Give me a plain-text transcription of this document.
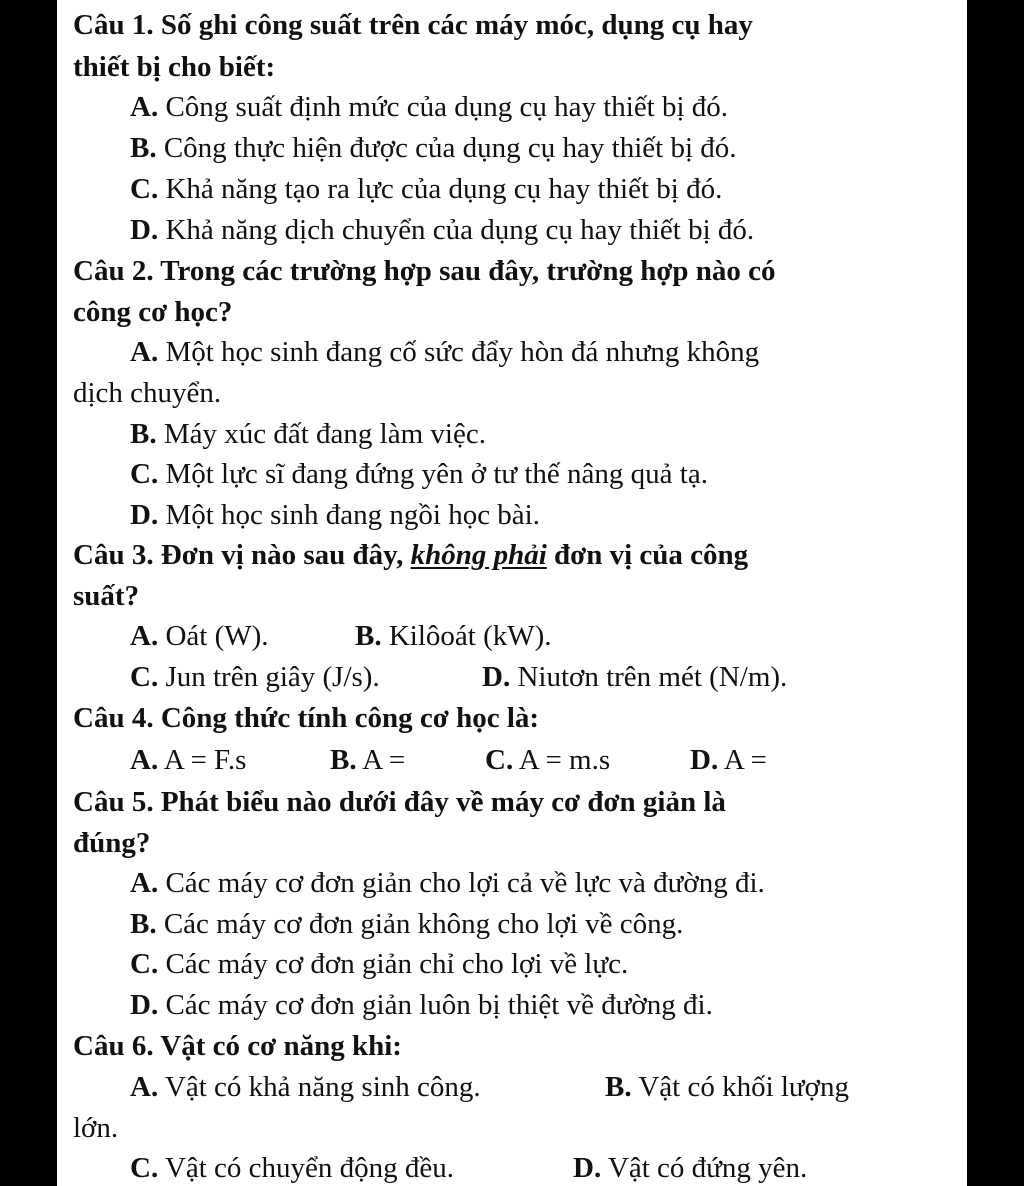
Câu 1. Số ghi công suất trên các máy móc, dụng cụ hay
thiết bị cho biết:
A. Công suất định mức của dụng cụ hay thiết bị đó.
B. Công thực hiện được của dụng cụ hay thiết bị đó.
C. Khả năng tạo ra lực của dụng cụ hay thiết bị đó.
D. Khả năng dịch chuyển của dụng cụ hay thiết bị đó.
Câu 2. Trong các trường hợp sau đây, trường hợp nào có
công cơ học?
A. Một học sinh đang cố sức đẩy hòn đá nhưng không
dịch chuyển.
B. Máy xúc đất đang làm việc.
C. Một lực sĩ đang đứng yên ở tư thế nâng quả tạ.
D. Một học sinh đang ngồi học bài.
Câu 3. Đơn vị nào sau đây, không phải đơn vị của công
suất?
A. Oát (W).	B. Kilôoát (kW).
C. Jun trên giây (J/s).	D. Niutơn trên mét (N/m).
Câu 4. Công thức tính công cơ học là:
A. A = F.s	B. A =	C. A = m.s	D. A =
Câu 5. Phát biểu nào dưới đây về máy cơ đơn giản là
đúng?
A. Các máy cơ đơn giản cho lợi cả về lực và đường đi.
B. Các máy cơ đơn giản không cho lợi về công.
C. Các máy cơ đơn giản chỉ cho lợi về lực.
D. Các máy cơ đơn giản luôn bị thiệt về đường đi.
Câu 6. Vật có cơ năng khi:
A. Vật có khả năng sinh công.	B. Vật có khối lượng
lớn.
C. Vật có chuyển động đều.	D. Vật có đứng yên.
